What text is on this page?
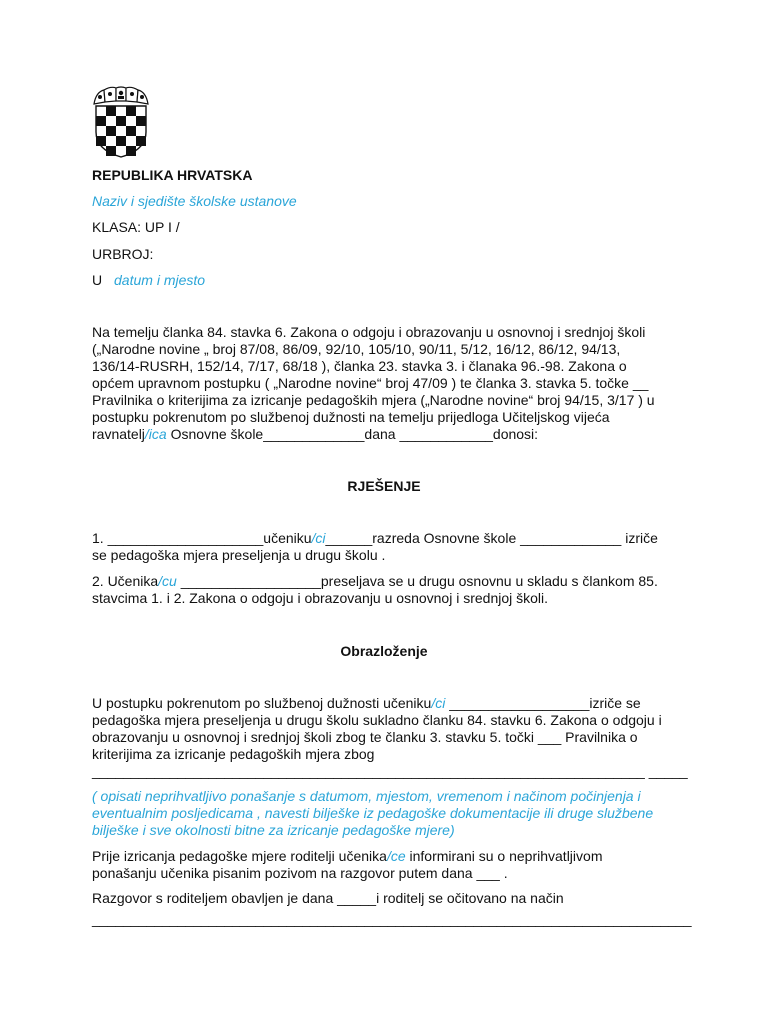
REPUBLIKA HRVATSKA
Naziv i sjedište školske ustanove
KLASA: UP I /
URBROJ:
U datum i mjesto
Na temelju članka 84. stavka 6. Zakona o odgoju i obrazovanju u osnovnoj i srednjoj školi
(„Narodne novine „ broj 87/08, 86/09, 92/10, 105/10, 90/11, 5/12, 16/12, 86/12, 94/13,
136/14-RUSRH, 152/14, 7/17, 68/18 ), članka 23. stavka 3. i članaka 96.-98. Zakona o
općem upravnom postupku ( „Narodne novine“ broj 47/09 ) te članka 3. stavka 5. točke __
Pravilnika o kriterijima za izricanje pedagoških mjera („Narodne novine“ broj 94/15, 3/17 ) u
postupku pokrenutom po službenoj dužnosti na temelju prijedloga Učiteljskog vijeća
ravnatelj/ica Osnovne škole_____________dana ____________donosi:
RJEŠENJE
1. ____________________učeniku/ci______razreda Osnovne škole _____________ izriče
se pedagoška mjera preseljenja u drugu školu .
2. Učenika/cu __________________preseljava se u drugu osnovnu u skladu s člankom 85.
stavcima 1. i 2. Zakona o odgoju i obrazovanju u osnovnoj i srednjoj školi.
Obrazloženje
U postupku pokrenutom po službenoj dužnosti učeniku/ci __________________izriče se
pedagoška mjera preseljenja u drugu školu sukladno članku 84. stavku 6. Zakona o odgoju i
obrazovanju u osnovnoj i srednjoj školi zbog te članku 3. stavku 5. točki ___ Pravilnika o
kriterijima za izricanje pedagoških mjera zbog
_______________________________________________________________________ _____
( opisati neprihvatljivo ponašanje s datumom, mjestom, vremenom i načinom počinjenja i
eventualnim posljedicama , navesti bilješke iz pedagoške dokumentacije ili druge službene
bilješke i sve okolnosti bitne za izricanje pedagoške mjere)
Prije izricanja pedagoške mjere roditelji učenika/ce informirani su o neprihvatljivom
ponašanju učenika pisanim pozivom na razgovor putem dana ___ .
Razgovor s roditeljem obavljen je dana _____i roditelj se očitovano na način
_____________________________________________________________________________
